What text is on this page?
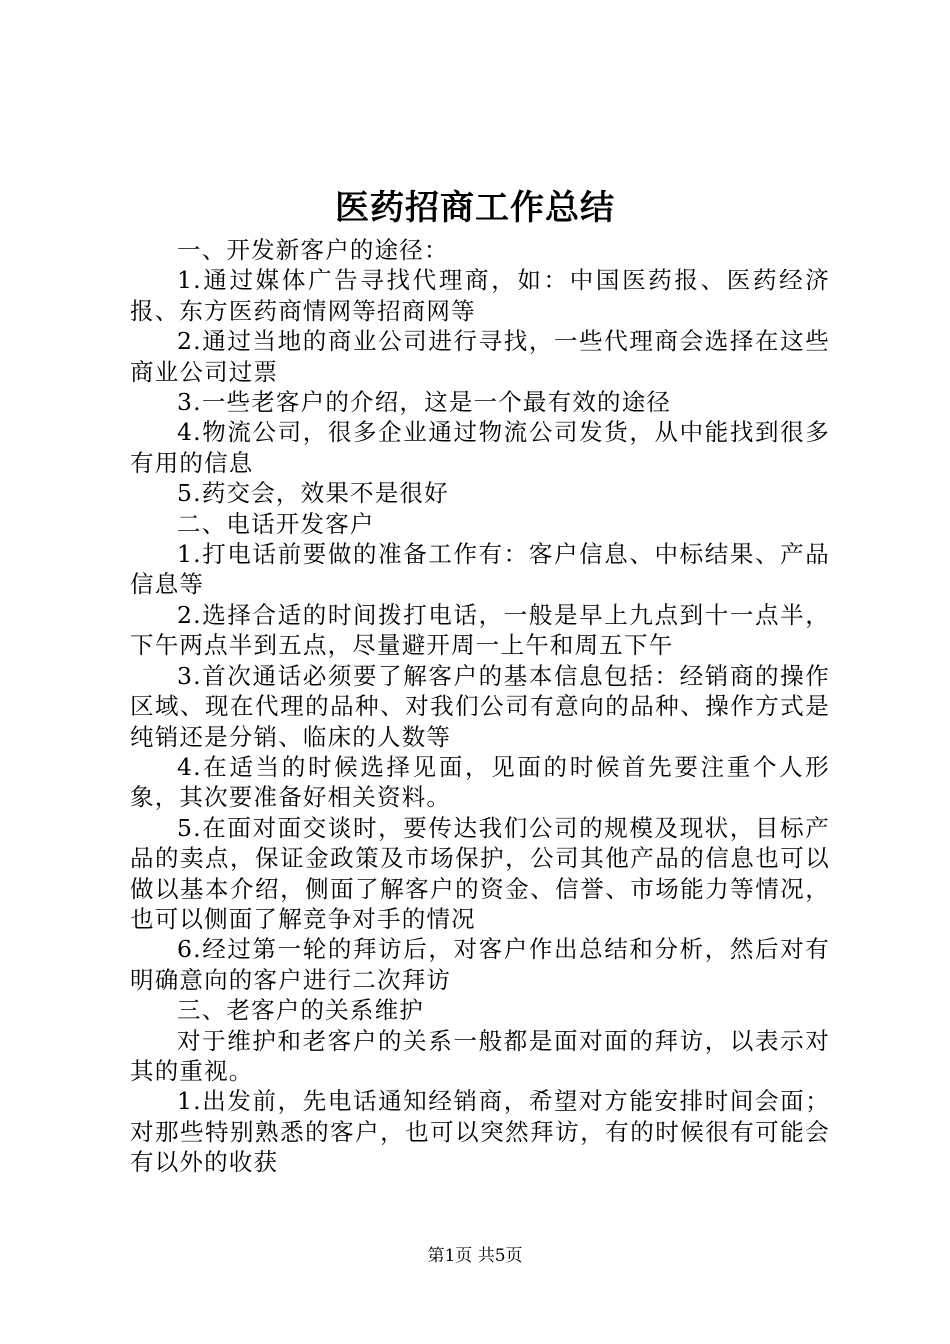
医药招商工作总结

一、开发新客户的途径：

1.通过媒体广告寻找代理商，如：中国医药报、医药经济报、东方医药商情网等招商网等

2.通过当地的商业公司进行寻找，一些代理商会选择在这些商业公司过票

3.一些老客户的介绍，这是一个最有效的途径

4.物流公司，很多企业通过物流公司发货，从中能找到很多有用的信息

5.药交会，效果不是很好

二、电话开发客户

1.打电话前要做的准备工作有：客户信息、中标结果、产品信息等

2.选择合适的时间拨打电话，一般是早上九点到十一点半，下午两点半到五点，尽量避开周一上午和周五下午

3.首次通话必须要了解客户的基本信息包括：经销商的操作区域、现在代理的品种、对我们公司有意向的品种、操作方式是纯销还是分销、临床的人数等

4.在适当的时候选择见面，见面的时候首先要注重个人形象，其次要准备好相关资料。

5.在面对面交谈时，要传达我们公司的规模及现状，目标产品的卖点，保证金政策及市场保护，公司其他产品的信息也可以做以基本介绍，侧面了解客户的资金、信誉、市场能力等情况，也可以侧面了解竞争对手的情况

6.经过第一轮的拜访后，对客户作出总结和分析，然后对有明确意向的客户进行二次拜访

三、老客户的关系维护

对于维护和老客户的关系一般都是面对面的拜访，以表示对其的重视。

1.出发前，先电话通知经销商，希望对方能安排时间会面；对那些特别熟悉的客户，也可以突然拜访，有的时候很有可能会有以外的收获

第1页 共5页
